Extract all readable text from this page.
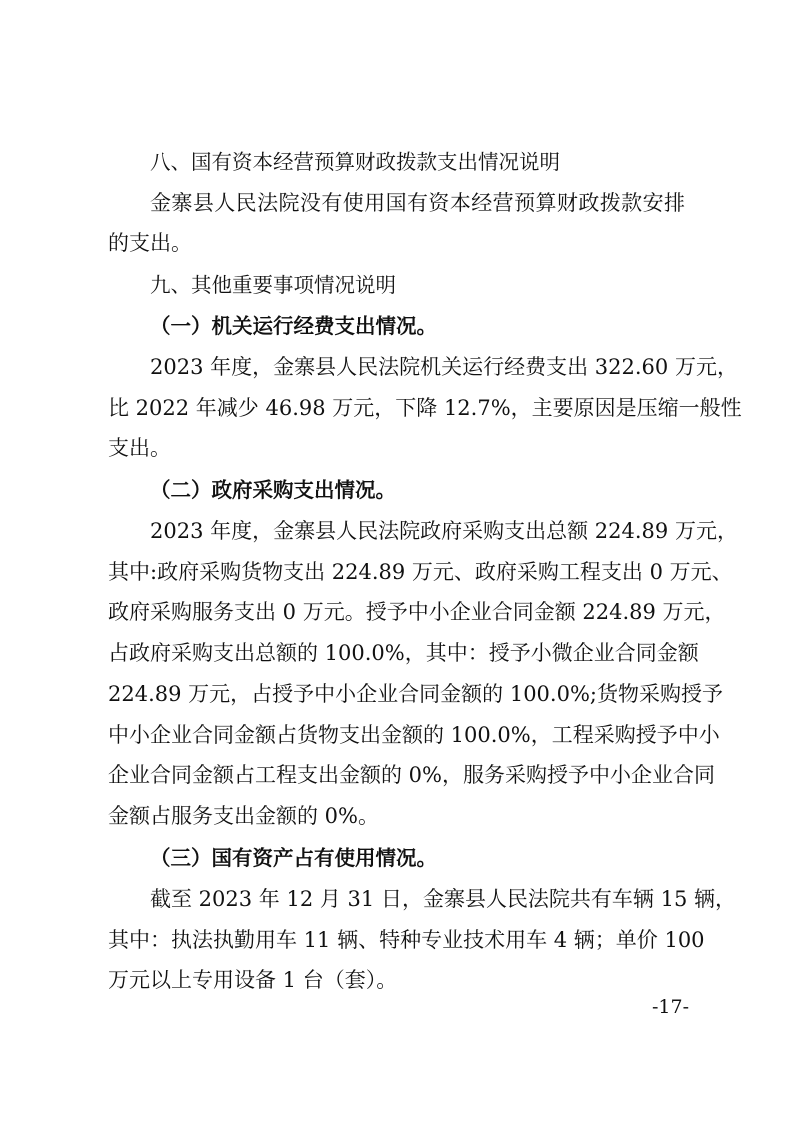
八、国有资本经营预算财政拨款支出情况说明
金寨县人民法院没有使用国有资本经营预算财政拨款安排
的支出。
九、其他重要事项情况说明
（一）机关运行经费支出情况。
2023 年度，金寨县人民法院机关运行经费支出 322.60 万元，
比 2022 年减少 46.98 万元，下降 12.7%，主要原因是压缩一般性
支出。
（二）政府采购支出情况。
2023 年度，金寨县人民法院政府采购支出总额 224.89 万元，
其中:政府采购货物支出 224.89 万元、政府采购工程支出 0 万元、
政府采购服务支出 0 万元。授予中小企业合同金额 224.89 万元，
占政府采购支出总额的 100.0%，其中：授予小微企业合同金额
224.89 万元，占授予中小企业合同金额的 100.0%;货物采购授予
中小企业合同金额占货物支出金额的 100.0%，工程采购授予中小
企业合同金额占工程支出金额的 0%，服务采购授予中小企业合同
金额占服务支出金额的 0%。
（三）国有资产占有使用情况。
截至 2023 年 12 月 31 日，金寨县人民法院共有车辆 15 辆，
其中：执法执勤用车 11 辆、特种专业技术用车 4 辆；单价 100
万元以上专用设备 1 台（套）。
-17-
